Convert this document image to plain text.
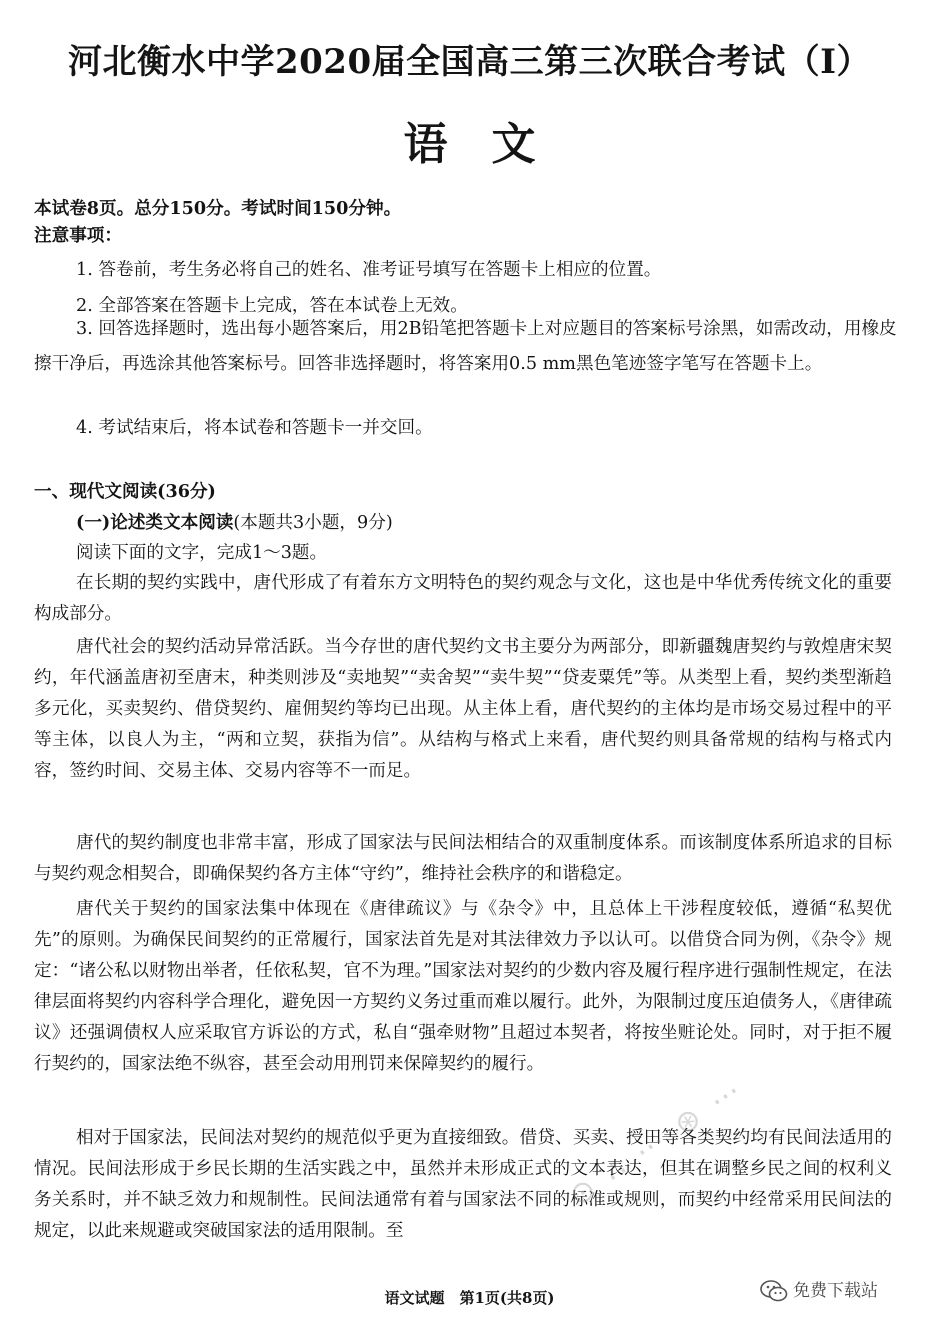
河北衡水中学2020届全国高三第三次联合考试（Ⅰ）
语文
本试卷8页。总分150分。考试时间150分钟。
注意事项：
1. 答卷前，考生务必将自己的姓名、准考证号填写在答题卡上相应的位置。
2. 全部答案在答题卡上完成，答在本试卷上无效。
3. 回答选择题时，选出每小题答案后，用2B铅笔把答题卡上对应题目的答案标号涂黑，如需改动，用橡皮擦干净后，再选涂其他答案标号。回答非选择题时，将答案用0.5 mm黑色笔迹签字笔写在答题卡上。
4. 考试结束后，将本试卷和答题卡一并交回。
一、现代文阅读(36分)
(一)论述类文本阅读(本题共3小题，9分)
阅读下面的文字，完成1～3题。

在长期的契约实践中，唐代形成了有着东方文明特色的契约观念与文化，这也是中华优秀传统文化的重要构成部分。

唐代社会的契约活动异常活跃。当今存世的唐代契约文书主要分为两部分，即新疆魏唐契约与敦煌唐宋契约，年代涵盖唐初至唐末，种类则涉及“卖地契”“卖舍契”“卖牛契”“贷麦粟凭”等。从类型上看，契约类型渐趋多元化，买卖契约、借贷契约、雇佣契约等均已出现。从主体上看，唐代契约的主体均是市场交易过程中的平等主体，以良人为主，“两和立契，获指为信”。从结构与格式上来看，唐代契约则具备常规的结构与格式内容，签约时间、交易主体、交易内容等不一而足。

唐代的契约制度也非常丰富，形成了国家法与民间法相结合的双重制度体系。而该制度体系所追求的目标与契约观念相契合，即确保契约各方主体“守约”，维持社会秩序的和谐稳定。

唐代关于契约的国家法集中体现在《唐律疏议》与《杂令》中，且总体上干涉程度较低，遵循“私契优先”的原则。为确保民间契约的正常履行，国家法首先是对其法律效力予以认可。以借贷合同为例，《杂令》规定：“诸公私以财物出举者，任依私契，官不为理。”国家法对契约的少数内容及履行程序进行强制性规定，在法律层面将契约内容科学合理化，避免因一方契约义务过重而难以履行。此外，为限制过度压迫债务人，《唐律疏议》还强调债权人应采取官方诉讼的方式，私自“强牵财物”且超过本契者，将按坐赃论处。同时，对于拒不履行契约的，国家法绝不纵容，甚至会动用刑罚来保障契约的履行。

相对于国家法，民间法对契约的规范似乎更为直接细致。借贷、买卖、授田等各类契约均有民间法适用的情况。民间法形成于乡民长期的生活实践之中，虽然并未形成正式的文本表达，但其在调整乡民之间的权利义务关系时，并不缺乏效力和规制性。民间法通常有着与国家法不同的标准或规则，而契约中经常采用民间法的规定，以此来规避或突破国家法的适用限制。至

⊙ ∴ ⋯ ⊛ ⋯
语文试题　第1页(共8页)	免费下载站
